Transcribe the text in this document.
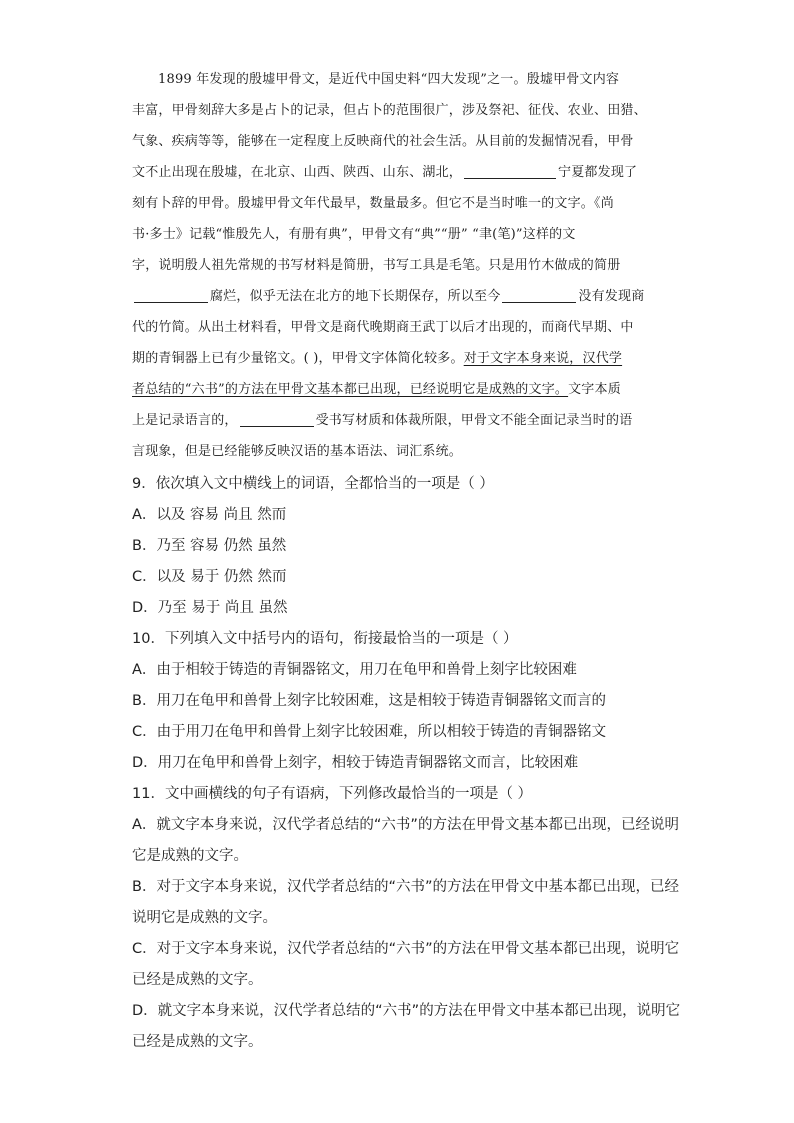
1899 年发现的殷墟甲骨文，是近代中国史料“四大发现”之一。殷墟甲骨文内容
丰富，甲骨刻辞大多是占卜的记录，但占卜的范围很广，涉及祭祀、征伐、农业、田猎、
气象、疾病等等，能够在一定程度上反映商代的社会生活。从目前的发掘情况看，甲骨
文不止出现在殷墟，在北京、山西、陕西、山东、湖北，	宁夏都发现了
刻有卜辞的甲骨。殷墟甲骨文年代最早，数量最多。但它不是当时唯一的文字。《尚
书·多士》记载“惟殷先人，有册有典”，甲骨文有“典”“册” “聿(笔)”这样的文
字，说明殷人祖先常规的书写材料是简册，书写工具是毛笔。只是用竹木做成的简册
腐烂，似乎无法在北方的地下长期保存，所以至今	没有发现商
代的竹简。从出土材料看，甲骨文是商代晚期商王武丁以后才出现的，而商代早期、中
期的青铜器上已有少量铭文。( )，甲骨文字体简化较多。对于文字本身来说，汉代学
者总结的“六书”的方法在甲骨文基本都已出现，已经说明它是成熟的文字。文字本质
上是记录语言的，	受书写材质和体裁所限，甲骨文不能全面记录当时的语
言现象，但是已经能够反映汉语的基本语法、词汇系统。
9．依次填入文中横线上的词语，全都恰当的一项是（ ）
A．以及 容易 尚且 然而
B．乃至 容易 仍然 虽然
C．以及 易于 仍然 然而
D．乃至 易于 尚且 虽然
10．下列填入文中括号内的语句，衔接最恰当的一项是（ ）
A．由于相较于铸造的青铜器铭文，用刀在龟甲和兽骨上刻字比较困难
B．用刀在龟甲和兽骨上刻字比较困难，这是相较于铸造青铜器铭文而言的
C．由于用刀在龟甲和兽骨上刻字比较困难，所以相较于铸造的青铜器铭文
D．用刀在龟甲和兽骨上刻字，相较于铸造青铜器铭文而言，比较困难
11．文中画横线的句子有语病，下列修改最恰当的一项是（ ）
A．就文字本身来说，汉代学者总结的“六书”的方法在甲骨文基本都已出现，已经说明
它是成熟的文字。
B．对于文字本身来说，汉代学者总结的“六书”的方法在甲骨文中基本都已出现，已经
说明它是成熟的文字。
C．对于文字本身来说，汉代学者总结的“六书”的方法在甲骨文基本都已出现，说明它
已经是成熟的文字。
D．就文字本身来说，汉代学者总结的“六书”的方法在甲骨文中基本都已出现，说明它
已经是成熟的文字。
